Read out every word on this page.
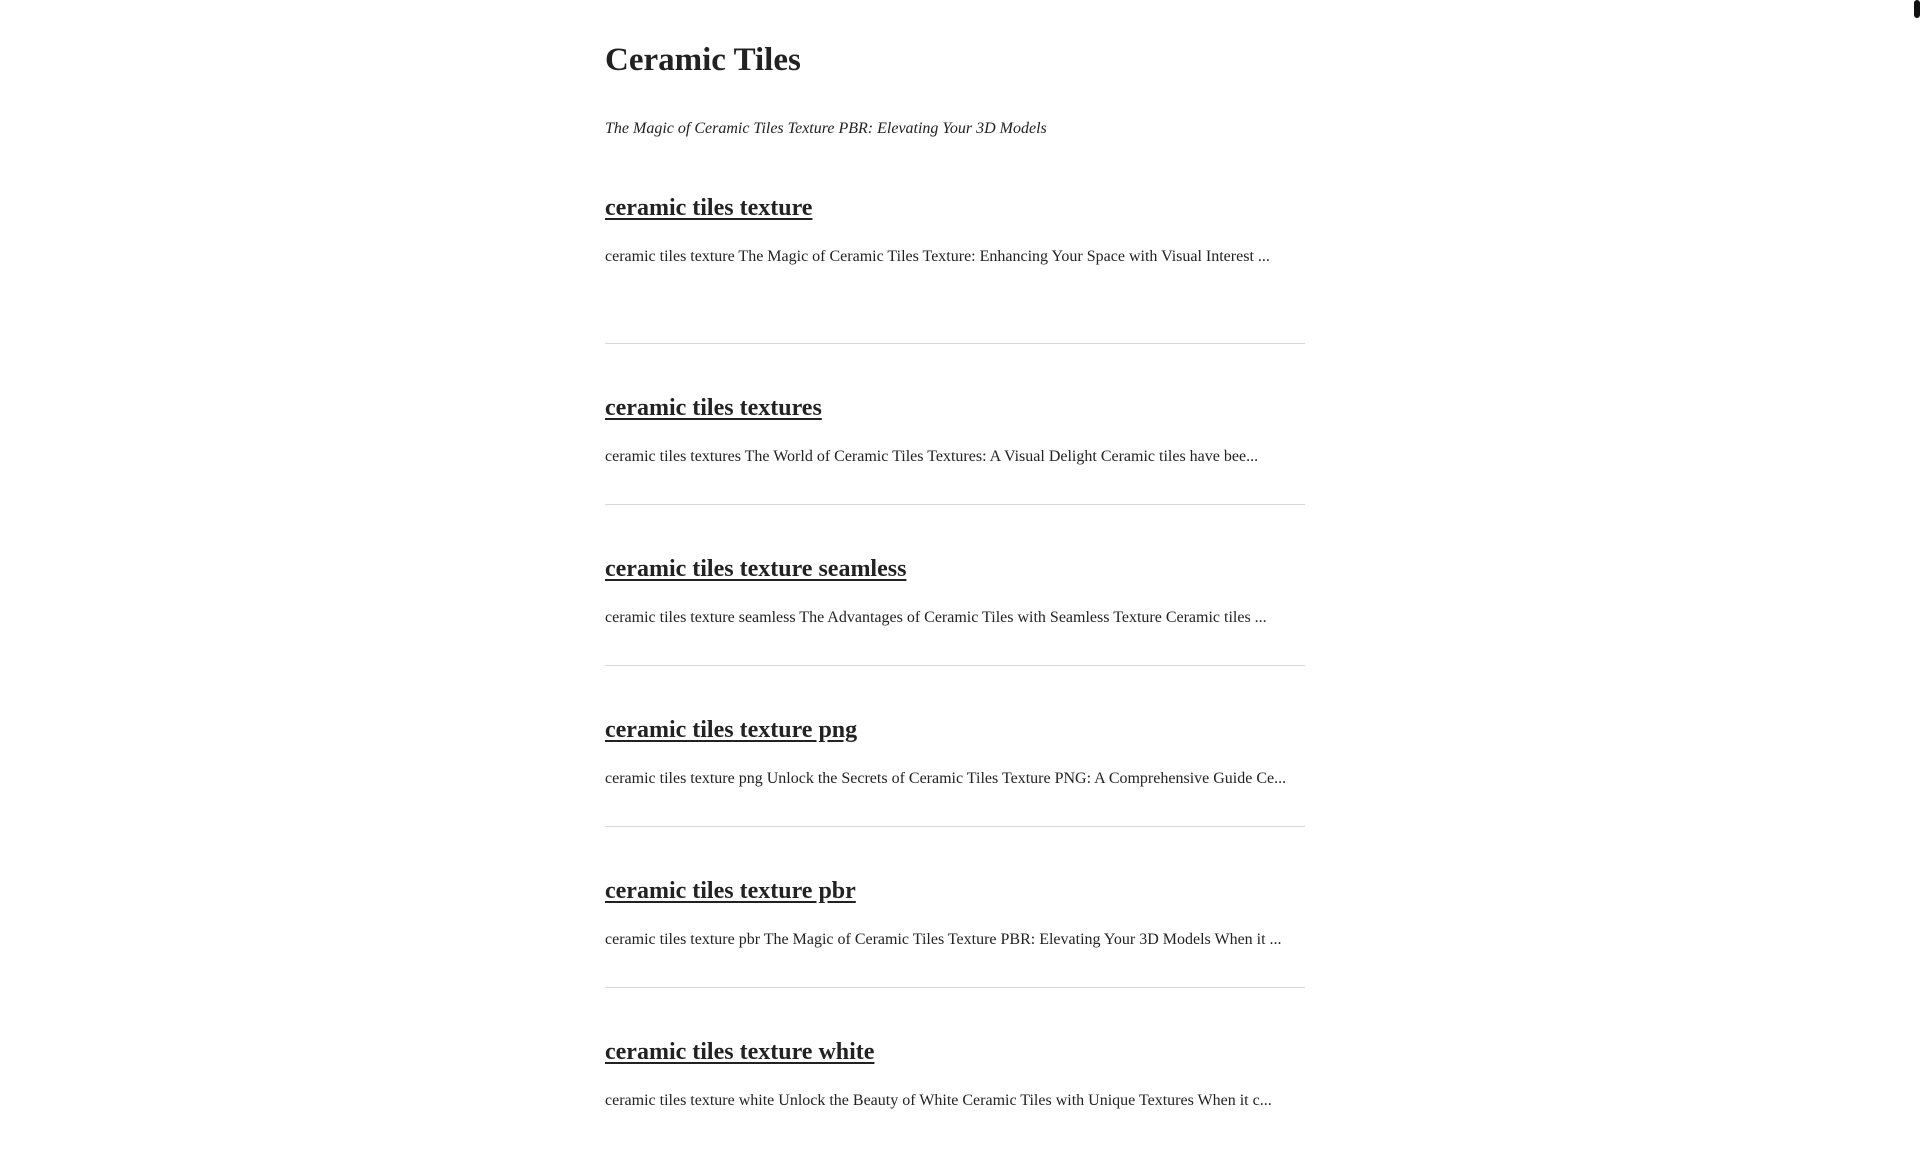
Ceramic Tiles

The Magic of Ceramic Tiles Texture PBR: Elevating Your 3D Models

ceramic tiles texture

ceramic tiles texture The Magic of Ceramic Tiles Texture: Enhancing Your Space with Visual Interest ...

ceramic tiles textures

ceramic tiles textures The World of Ceramic Tiles Textures: A Visual Delight Ceramic tiles have bee...

ceramic tiles texture seamless

ceramic tiles texture seamless The Advantages of Ceramic Tiles with Seamless Texture Ceramic tiles ...

ceramic tiles texture png

ceramic tiles texture png Unlock the Secrets of Ceramic Tiles Texture PNG: A Comprehensive Guide Ce...

ceramic tiles texture pbr

ceramic tiles texture pbr The Magic of Ceramic Tiles Texture PBR: Elevating Your 3D Models When it ...

ceramic tiles texture white

ceramic tiles texture white Unlock the Beauty of White Ceramic Tiles with Unique Textures When it c...
